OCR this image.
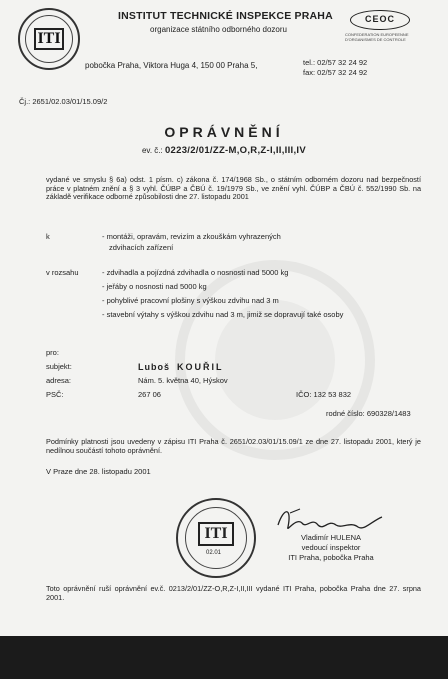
ITI
INSTITUT TECHNICKÉ INSPEKCE PRAHA
organizace státního odborného dozoru
CEOC
CONFEDERATION EUROPEENNE
D'ORGANISMES DE CONTROLE
pobočka Praha, Viktora Huga 4, 150 00 Praha 5,	tel.: 02/57 32 24 92
fax: 02/57 32 24 92
Čj.: 2651/02.03/01/15.09/2
OPRÁVNĚNÍ
ev. č.: 0223/2/01/ZZ-M,O,R,Z-I,II,III,IV
vydané ve smyslu § 6a) odst. 1 písm. c) zákona č. 174/1968 Sb., o státním odborném dozoru nad bezpečností práce v platném znění a § 3 vyhl. ČÚBP a ČBÚ č. 19/1979 Sb., ve znění vyhl. ČÚBP a ČBÚ č. 552/1990 Sb. na základě verifikace odborné způsobilosti dne 27. listopadu 2001
k	- montáži, opravám, revizím a zkouškám vyhrazených
zdvihacích zařízení
v rozsahu	- zdvihadla a pojízdná zdvihadla o nosnosti nad 5000 kg
- jeřáby o nosnosti nad 5000 kg
- pohyblivé pracovní plošiny s výškou zdvihu nad 3 m
- stavební výtahy s výškou zdvihu nad 3 m, jimiž se dopravují také osoby
pro:
subjekt:	Luboš KOUŘIL
adresa:	Nám. 5. května 40, Hýskov
PSČ:	267 06	IČO: 132 53 832
rodné číslo: 690328/1483
Podmínky platnosti jsou uvedeny v zápisu ITI Praha č. 2651/02.03/01/15.09/1 ze dne 27. listopadu 2001, který je nedílnou součástí tohoto oprávnění.
V Praze dne 28. listopadu 2001
ITI
02.01
Vladimír HULENA
vedoucí inspektor
ITI Praha, pobočka Praha
Toto oprávnění ruší oprávnění ev.č. 0213/2/01/ZZ-O,R,Z-I,II,III vydané ITI Praha, pobočka Praha dne 27. srpna 2001.
